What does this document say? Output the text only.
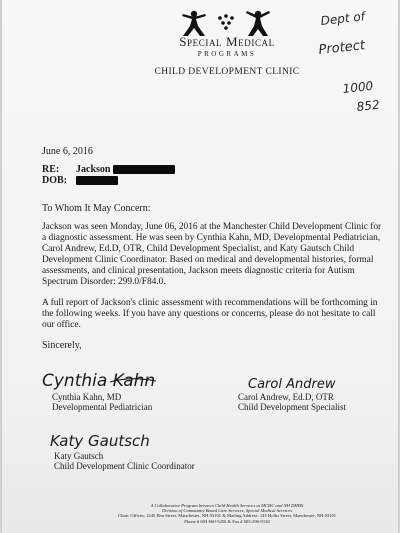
Special Medical
PROGRAMS
CHILD DEVELOPMENT CLINIC
Dept of
Protect
1000
852
June 6, 2016
RE:	Jackson
DOB:
To Whom It May Concern:
Jackson was seen Monday, June 06, 2016 at the Manchester Child Development Clinic for a diagnostic assessment. He was seen by Cynthia Kahn, MD, Developmental Pediatrician, Carol Andrew, Ed.D, OTR, Child Development Specialist, and Katy Gautsch Child Development Clinic Coordinator. Based on medical and developmental histories, formal assessments, and clinical presentation, Jackson meets diagnostic criteria for Autism Spectrum Disorder: 299.0/F84.0.
A full report of Jackson's clinic assessment with recommendations will be forthcoming in the following weeks. If you have any questions or concerns, please do not hesitate to call our office.
Sincerely,
Cynthia Kahn
Cynthia Kahn, MD
Developmental Pediatrician
Carol Andrew
Carol Andrew, Ed.D, OTR
Child Development Specialist
Katy Gautsch
Katy Gautsch
Child Development Clinic Coordinator
A Collaborative Program between Child Health Services at MCHC and NH DHHS
Division of Community Based Care Services, Special Medical Services
Clinic Offices: 1245 Elm Street, Manchester, NH 03101 & Mailing Address: 145 Hollis Street, Manchester, NH 03101
Phone # 603-660-5456 & Fax # 603-296-0130
